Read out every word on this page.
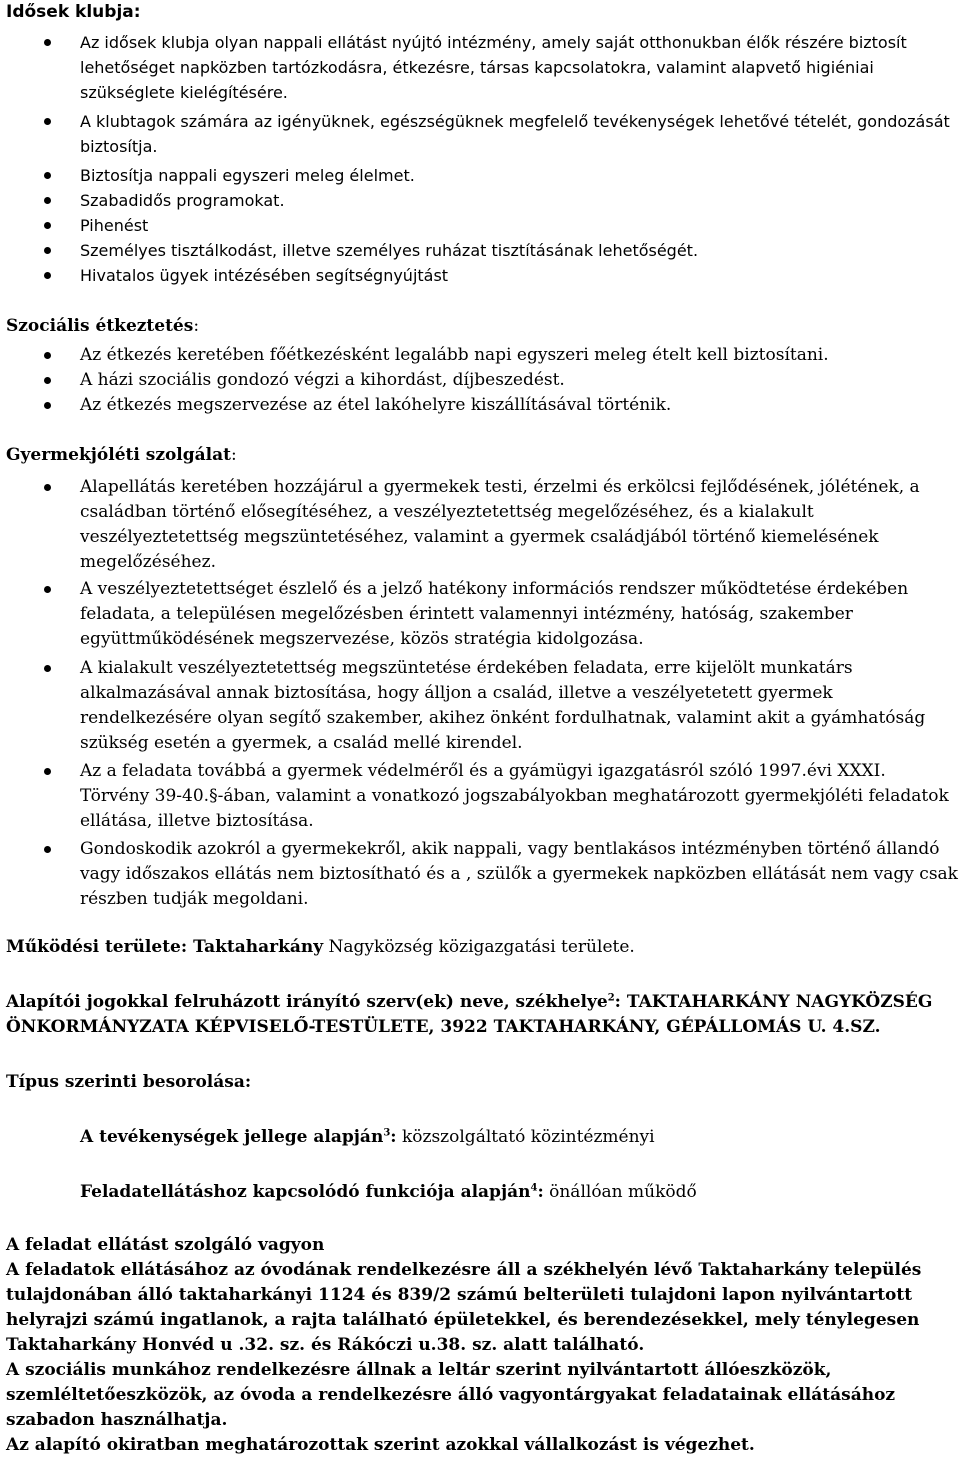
Idősek klubja:
Az idősek klubja olyan nappali ellátást nyújtó intézmény, amely saját otthonukban élők részére biztosít lehetőséget napközben tartózkodásra, étkezésre, társas kapcsolatokra, valamint alapvető higiéniai szükséglete kielégítésére.
A klubtagok számára az igényüknek, egészségüknek megfelelő tevékenységek lehetővé tételét, gondozását biztosítja.
Biztosítja nappali egyszeri meleg élelmet.
Szabadidős programokat.
Pihenést
Személyes tisztálkodást, illetve személyes ruházat tisztításának lehetőségét.
Hivatalos ügyek intézésében segítségnyújtást
Szociális étkeztetés:
Az étkezés keretében főétkezésként legalább napi egyszeri meleg ételt kell biztosítani.
A házi szociális gondozó végzi a kihordást, díjbeszedést.
Az étkezés megszervezése az étel lakóhelyre kiszállításával történik.
Gyermekjóléti szolgálat:
Alapellátás keretében hozzájárul a gyermekek testi, érzelmi és erkölcsi fejlődésének, jólétének, a családban történő elősegítéséhez, a veszélyeztetettség megelőzéséhez, és a kialakult veszélyeztetettség megszüntetéséhez, valamint a gyermek családjából történő kiemelésének megelőzéséhez.
A veszélyeztetettséget észlelő és a jelző hatékony információs rendszer működtetése érdekében feladata, a településen megelőzésben érintett valamennyi intézmény, hatóság, szakember együttműködésének megszervezése, közös stratégia kidolgozása.
A kialakult veszélyeztetettség megszüntetése érdekében feladata, erre kijelölt munkatárs alkalmazásával annak biztosítása, hogy álljon a család, illetve a veszélyetetett gyermek rendelkezésére olyan segítő szakember, akihez önként fordulhatnak, valamint akit a gyámhatóság szükség esetén a gyermek, a család mellé kirendel.
Az a feladata továbbá a gyermek védelméről és a gyámügyi igazgatásról szóló 1997.évi XXXI. Törvény 39-40.§-ában, valamint a vonatkozó jogszabályokban meghatározott gyermekjóléti feladatok ellátása, illetve biztosítása.
Gondoskodik azokról a gyermekekről, akik nappali, vagy bentlakásos intézményben történő állandó vagy időszakos ellátás nem biztosítható és a , szülők a gyermekek napközben ellátását nem vagy csak részben tudják megoldani.
Működési területe: Taktaharkány Nagyközség közigazgatási területe.
Alapítói jogokkal felruházott irányító szerv(ek) neve, székhelye$^2$: TAKTAHARKÁNY NAGYKÖZSÉG
ÖNKORMÁNYZATA KÉPVISELŐ-TESTÜLETE, 3922 TAKTAHARKÁNY, GÉPÁLLOMÁS U. 4.SZ.
Típus szerinti besorolása:
A tevékenységek jellege alapján$^3$: közszolgáltató közintézményi
Feladatellátáshoz kapcsolódó funkciója alapján$^4$: önállóan működő
A feladat ellátást szolgáló vagyon
A feladatok ellátásához az óvodának rendelkezésre áll a székhelyén lévő Taktaharkány település
tulajdonában álló taktaharkányi 1124 és 839/2 számú belterületi tulajdoni lapon nyilvántartott
helyrajzi számú ingatlanok, a rajta található épületekkel, és berendezésekkel, mely ténylegesen
Taktaharkány Honvéd u .32. sz. és Rákóczi u.38. sz. alatt található.
A szociális munkához rendelkezésre állnak a leltár szerint nyilvántartott állóeszközök,
szemléltetőeszközök, az óvoda a rendelkezésre álló vagyontárgyakat feladatainak ellátásához
szabadon használhatja.
Az alapító okiratban meghatározottak szerint azokkal vállalkozást is végezhet.
